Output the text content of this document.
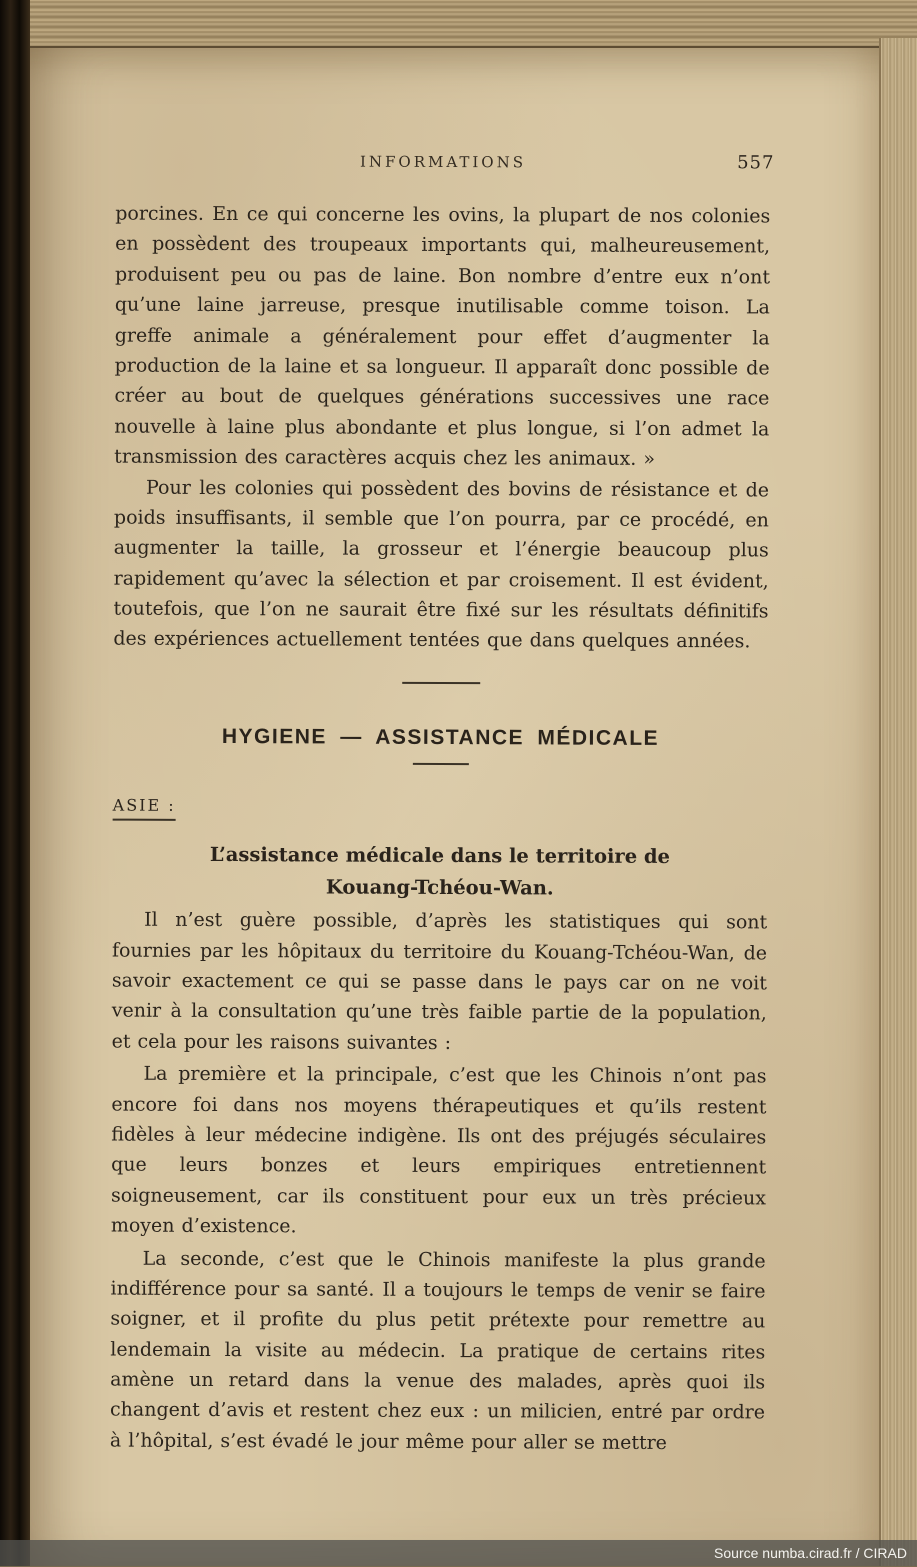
INFORMATIONS	557

porcines. En ce qui concerne les ovins, la plupart de nos colonies en possèdent des troupeaux importants qui, malheureusement, produisent peu ou pas de laine. Bon nombre d’entre eux n’ont qu’une laine jarreuse, presque inutilisable comme toison. La greffe animale a généralement pour effet d’augmenter la production de la laine et sa longueur. Il apparaît donc possible de créer au bout de quelques générations successives une race nouvelle à laine plus abondante et plus longue, si l’on admet la transmission des caractères acquis chez les animaux. »

Pour les colonies qui possèdent des bovins de résistance et de poids insuffisants, il semble que l’on pourra, par ce procédé, en augmenter la taille, la grosseur et l’énergie beaucoup plus rapidement qu’avec la sélection et par croisement. Il est évident, toutefois, que l’on ne saurait être fixé sur les résultats définitifs des expériences actuellement tentées que dans quelques années.

HYGIENE — ASSISTANCE MÉDICALE
ASIE :
L’assistance médicale dans le territoire de
Kouang-Tchéou-Wan.

Il n’est guère possible, d’après les statistiques qui sont fournies par les hôpitaux du territoire du Kouang-Tchéou-Wan, de savoir exactement ce qui se passe dans le pays car on ne voit venir à la consultation qu’une très faible partie de la population, et cela pour les raisons suivantes :

La première et la principale, c’est que les Chinois n’ont pas encore foi dans nos moyens thérapeutiques et qu’ils restent fidèles à leur médecine indigène. Ils ont des préjugés séculaires que leurs bonzes et leurs empiriques entretiennent soigneusement, car ils constituent pour eux un très précieux moyen d’existence.

La seconde, c’est que le Chinois manifeste la plus grande indifférence pour sa santé. Il a toujours le temps de venir se faire soigner, et il profite du plus petit prétexte pour remettre au lendemain la visite au médecin. La pratique de certains rites amène un retard dans la venue des malades, après quoi ils changent d’avis et restent chez eux : un milicien, entré par ordre à l’hôpital, s’est évadé le jour même pour aller se mettre

Source numba.cirad.fr / CIRAD
